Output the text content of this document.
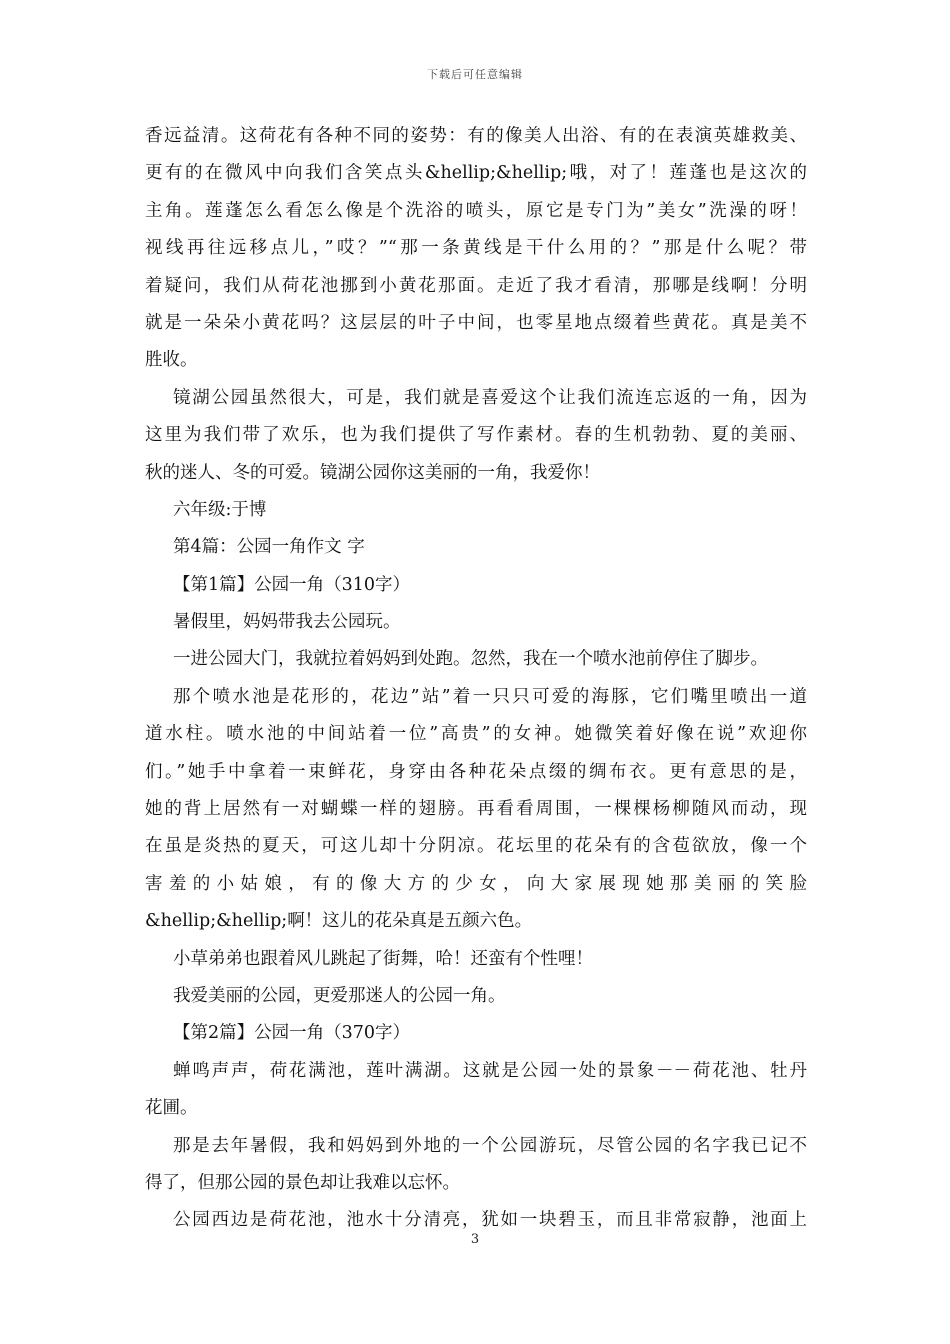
下载后可任意编辑
香远益清。这荷花有各种不同的姿势：有的像美人出浴、有的在表演英雄救美、
更有的在微风中向我们含笑点头&hellip;&hellip;哦，对了！莲蓬也是这次的
主角。莲蓬怎么看怎么像是个洗浴的喷头，原它是专门为”美女”洗澡的呀！
视线再往远移点儿，”哎？”“那一条黄线是干什么用的？”那是什么呢？带
着疑问，我们从荷花池挪到小黄花那面。走近了我才看清，那哪是线啊！分明
就是一朵朵小黄花吗？这层层的叶子中间，也零星地点缀着些黄花。真是美不
胜收。
镜湖公园虽然很大，可是，我们就是喜爱这个让我们流连忘返的一角，因为
这里为我们带了欢乐，也为我们提供了写作素材。春的生机勃勃、夏的美丽、
秋的迷人、冬的可爱。镜湖公园你这美丽的一角，我爱你！
六年级:于博
第4篇：公园一角作文 字
【第1篇】公园一角（310字）
暑假里，妈妈带我去公园玩。
一进公园大门，我就拉着妈妈到处跑。忽然，我在一个喷水池前停住了脚步。
那个喷水池是花形的，花边”站”着一只只可爱的海豚，它们嘴里喷出一道
道水柱。喷水池的中间站着一位”高贵”的女神。她微笑着好像在说”欢迎你
们。”她手中拿着一束鲜花，身穿由各种花朵点缀的绸布衣。更有意思的是，
她的背上居然有一对蝴蝶一样的翅膀。再看看周围，一棵棵杨柳随风而动，现
在虽是炎热的夏天，可这儿却十分阴凉。花坛里的花朵有的含苞欲放，像一个
害羞的小姑娘，有的像大方的少女，向大家展现她那美丽的笑脸
&hellip;&hellip;啊！这儿的花朵真是五颜六色。
小草弟弟也跟着风儿跳起了街舞，哈！还蛮有个性哩！
我爱美丽的公园，更爱那迷人的公园一角。
【第2篇】公园一角（370字）
蝉鸣声声，荷花满池，莲叶满湖。这就是公园一处的景象－－荷花池、牡丹
花圃。
那是去年暑假，我和妈妈到外地的一个公园游玩，尽管公园的名字我已记不
得了，但那公园的景色却让我难以忘怀。
公园西边是荷花池，池水十分清亮，犹如一块碧玉，而且非常寂静，池面上
3
